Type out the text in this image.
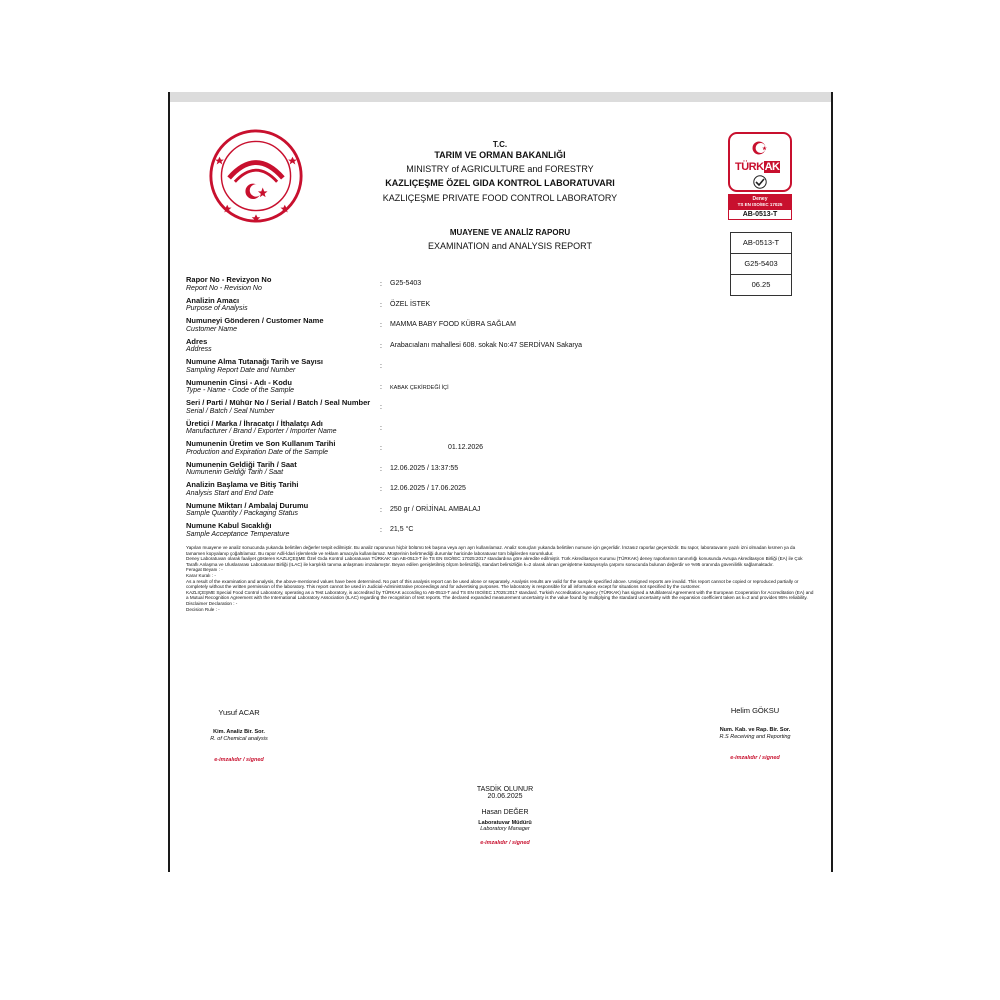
T.C.
TARIM VE ORMAN BAKANLIĞI
MINISTRY of AGRICULTURE and FORESTRY
KAZLIÇEŞME ÖZEL GIDA KONTROL LABORATUVARI
KAZLIÇEŞME PRIVATE FOOD CONTROL LABORATORY
MUAYENE VE ANALİZ RAPORU
EXAMINATION and ANALYSIS REPORT
TÜRKAK
Deney
TS EN ISO/IEC 17025
AB-0513-T
AB-0513-T
G25-5403
06.25
Rapor No - Revizyon No
Report No - Revision No	: G25-5403
Analizin Amacı
Purpose of Analysis	: ÖZEL İSTEK
Numuneyi Gönderen / Customer Name
Customer Name	: MAMMA BABY FOOD KÜBRA SAĞLAM
Adres
Address	: Arabacıalanı mahallesi 608. sokak No:47 SERDİVAN Sakarya
Numune Alma Tutanağı Tarih ve Sayısı
Sampling Report Date and Number	:
Numunenin Cinsi - Adı - Kodu
Type - Name - Code of the Sample	: KABAK ÇEKİRDEĞİ İÇİ
Seri / Parti / Mühür No / Serial / Batch / Seal Number
Serial / Batch / Seal Number	:
Üretici / Marka / İhracatçı / İthalatçı Adı
Manufacturer / Brand / Exporter / Importer Name	:
Numunenin Üretim ve Son Kullanım Tarihi
Production and Expiration Date of the Sample	:	01.12.2026
Numunenin Geldiği Tarih / Saat
Numunenin Geldiği Tarih / Saat	: 12.06.2025 / 13:37:55
Analizin Başlama ve Bitiş Tarihi
Analysis Start and End Date	: 12.06.2025 / 17.06.2025
Numune Miktarı / Ambalaj Durumu
Sample Quantity / Packaging Status	: 250 gr / ORİJİNAL AMBALAJ
Numune Kabul Sıcaklığı
Sample Acceptance Temperature	: 21,5 °C

Yapılan muayene ve analiz sonucunda yukarıda belirtilen değerler tespit edilmiştir. Bu analiz raporunun hiçbir bölümü tek başına veya ayrı ayrı kullanılamaz. Analiz sonuçları yukarıda belirtilen numune için geçerlidir. İmzasız raporlar geçersizdir. Bu rapor, laboratuvarın yazılı izni olmadan kısmen ya da tamamen kopyalanıp çoğaltılamaz. Bu rapor Adli-İdari işlemlerde ve reklam amacıyla kullanılamaz. Müşterinin belirtmediği durumlar haricinde laboratuvar tüm bilgilerden sorumludur.

Deney Laboratuvarı olarak faaliyet gösteren KAZLIÇEŞME Özel Gıda Kontrol Laboratuvarı TÜRKAK' tan AB-0513-T ile TS EN ISO/IEC 17025:2017 standardına göre akredite edilmiştir. Türk Akreditasyon Kurumu (TÜRKAK) deney raporlarının tanınırlığı konusunda Avrupa Akreditasyon Birliği (EA) ile Çok Taraflı Anlaşma ve Uluslararası Laboratuvar Birliği (ILAC) ile karşılıklı tanıma anlaşması imzalamıştır. Beyan edilen genişletilmiş ölçüm belirsizliği, standart belirsizliğin k=2 olarak alınan genişletme katsayısıyla çarpımı sonucunda bulunan değerdir ve %95 oranında güvenilirlik sağlamaktadır.

Feragat Beyanı : -

Karar Kuralı : -

As a result of the examination and analysis, the above-mentioned values have been determined. No part of this analysis report can be used alone or separately. Analysis results are valid for the sample specified above. Unsigned reports are invalid. This report cannot be copied or reproduced partially or completely without the written permission of the laboratory. This report cannot be used in Judicial-Administrative proceedings and for advertising purposes. The laboratory is responsible for all information except for situations not specified by the customer.

KAZLIÇEŞME Special Food Control Laboratory, operating as a Test Laboratory, is accredited by TÜRKAK according to AB-0513-T and TS EN ISO/IEC 17025:2017 standard. Turkish Accreditation Agency (TÜRKAK) has signed a Multilateral Agreement with the European Cooperation for Accreditation (EA) and a Mutual Recognition Agreement with the International Laboratory Association (ILAC) regarding the recognition of test reports. The declared expanded measurement uncertainty is the value found by multiplying the standard uncertainty with the expansion coefficient taken as k=2 and provides 95% reliability.

Disclaimer Declaration : -

Decision Rule : -

Yusuf ACAR
Kim. Analiz Bir. Sor.
R. of Chemical analysis
e-imzalıdır / signed
Helim GÖKSU
Num. Kab. ve Rap. Bir. Sor.
R.S Receiving and Reporting
e-imzalıdır / signed
TASDİK OLUNUR
20.06.2025
Hasan DEĞER
Laboratuvar Müdürü
Laboratory Manager
e-imzalıdır / signed
